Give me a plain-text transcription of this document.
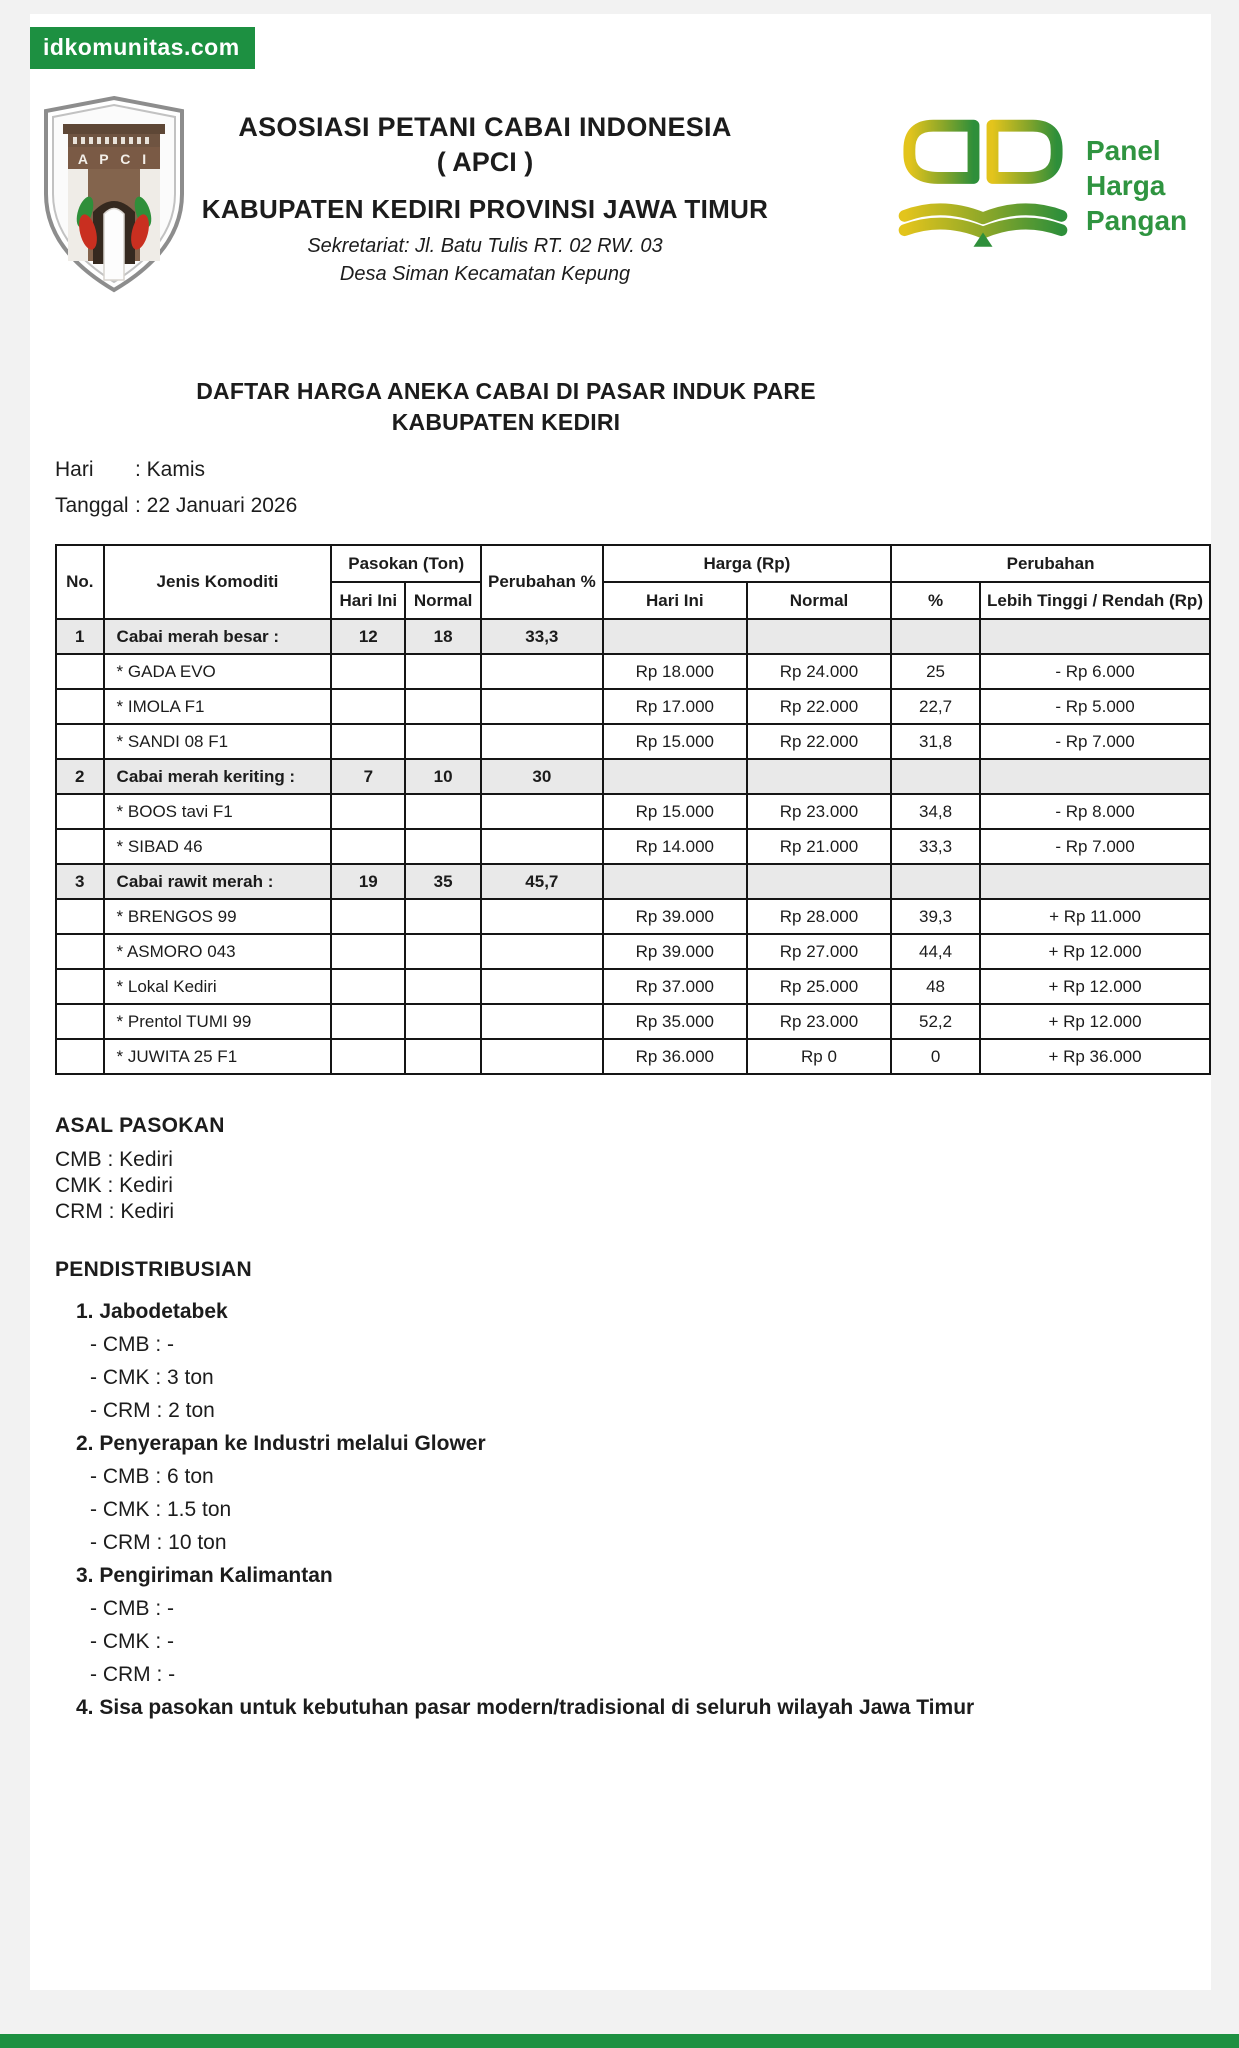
idkomunitas.com
A P C I
ASOSIASI PETANI CABAI INDONESIA
( APCI )
KABUPATEN KEDIRI PROVINSI JAWA TIMUR
Sekretariat: Jl. Batu Tulis RT. 02 RW. 03
Desa Siman Kecamatan Kepung
Panel
Harga
Pangan
DAFTAR HARGA ANEKA CABAI DI PASAR INDUK PARE
KABUPATEN KEDIRI
Hari	: Kamis
Tanggal : 22 Januari 2026
No.	Jenis Komoditi	Pasokan (Ton)		Perubahan %	Harga (Rp)		Perubahan	
		Hari Ini	Normal		Hari Ini	Normal	%	Lebih Tinggi / Rendah (Rp)
1	Cabai merah besar :	12	18	33,3				
	* GADA EVO				Rp 18.000	Rp 24.000	25	- Rp 6.000
	* IMOLA F1				Rp 17.000	Rp 22.000	22,7	- Rp 5.000
	* SANDI 08 F1				Rp 15.000	Rp 22.000	31,8	- Rp 7.000
2	Cabai merah keriting :	7	10	30				
	* BOOS tavi F1				Rp 15.000	Rp 23.000	34,8	- Rp 8.000
	* SIBAD 46				Rp 14.000	Rp 21.000	33,3	- Rp 7.000
3	Cabai rawit merah :	19	35	45,7				
	* BRENGOS 99				Rp 39.000	Rp 28.000	39,3	+ Rp 11.000
	* ASMORO 043				Rp 39.000	Rp 27.000	44,4	+ Rp 12.000
	* Lokal Kediri				Rp 37.000	Rp 25.000	48	+ Rp 12.000
	* Prentol TUMI 99				Rp 35.000	Rp 23.000	52,2	+ Rp 12.000
	* JUWITA 25 F1				Rp 36.000	Rp 0	0	+ Rp 36.000
ASAL PASOKAN
CMB : Kediri
CMK : Kediri
CRM : Kediri
PENDISTRIBUSIAN
1. Jabodetabek
- CMB : -
- CMK : 3 ton
- CRM : 2 ton
2. Penyerapan ke Industri melalui Glower
- CMB : 6 ton
- CMK : 1.5 ton
- CRM : 10 ton
3. Pengiriman Kalimantan
- CMB : -
- CMK : -
- CRM : -
4. Sisa pasokan untuk kebutuhan pasar modern/tradisional di seluruh wilayah Jawa Timur
